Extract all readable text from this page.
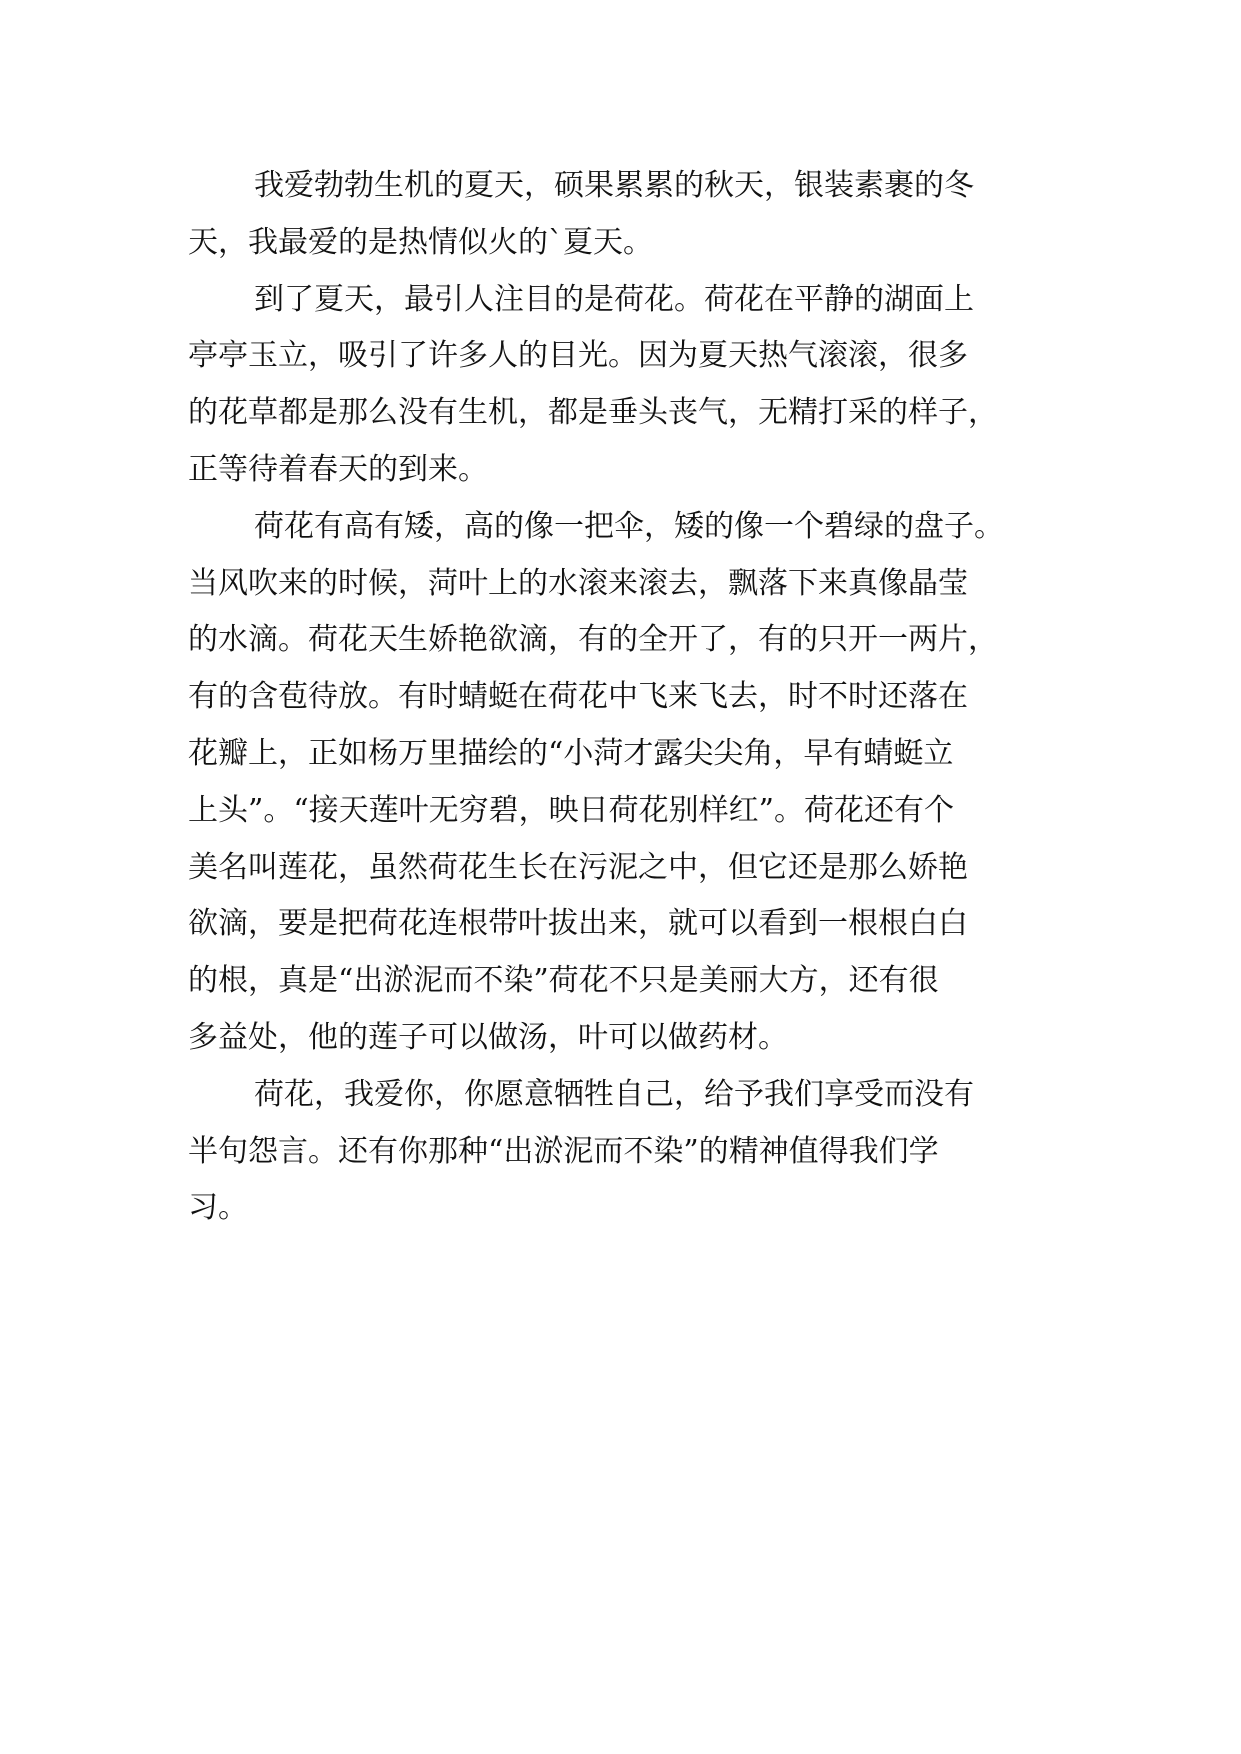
我爱勃勃生机的夏天，硕果累累的秋天，银装素裹的冬
天，我最爱的是热情似火的`夏天。
到了夏天，最引人注目的是荷花。荷花在平静的湖面上
亭亭玉立，吸引了许多人的目光。因为夏天热气滚滚，很多
的花草都是那么没有生机，都是垂头丧气，无精打采的样子，
正等待着春天的到来。
荷花有高有矮，高的像一把伞，矮的像一个碧绿的盘子。
当风吹来的时候，菏叶上的水滚来滚去，飘落下来真像晶莹
的水滴。荷花天生娇艳欲滴，有的全开了，有的只开一两片，
有的含苞待放。有时蜻蜓在荷花中飞来飞去，时不时还落在
花瓣上，正如杨万里描绘的“小菏才露尖尖角，早有蜻蜓立
上头”。“接天莲叶无穷碧，映日荷花别样红”。荷花还有个
美名叫莲花，虽然荷花生长在污泥之中，但它还是那么娇艳
欲滴，要是把荷花连根带叶拔出来，就可以看到一根根白白
的根，真是“出淤泥而不染”荷花不只是美丽大方，还有很
多益处，他的莲子可以做汤，叶可以做药材。
荷花，我爱你，你愿意牺牲自己，给予我们享受而没有
半句怨言。还有你那种“出淤泥而不染”的精神值得我们学
习。
